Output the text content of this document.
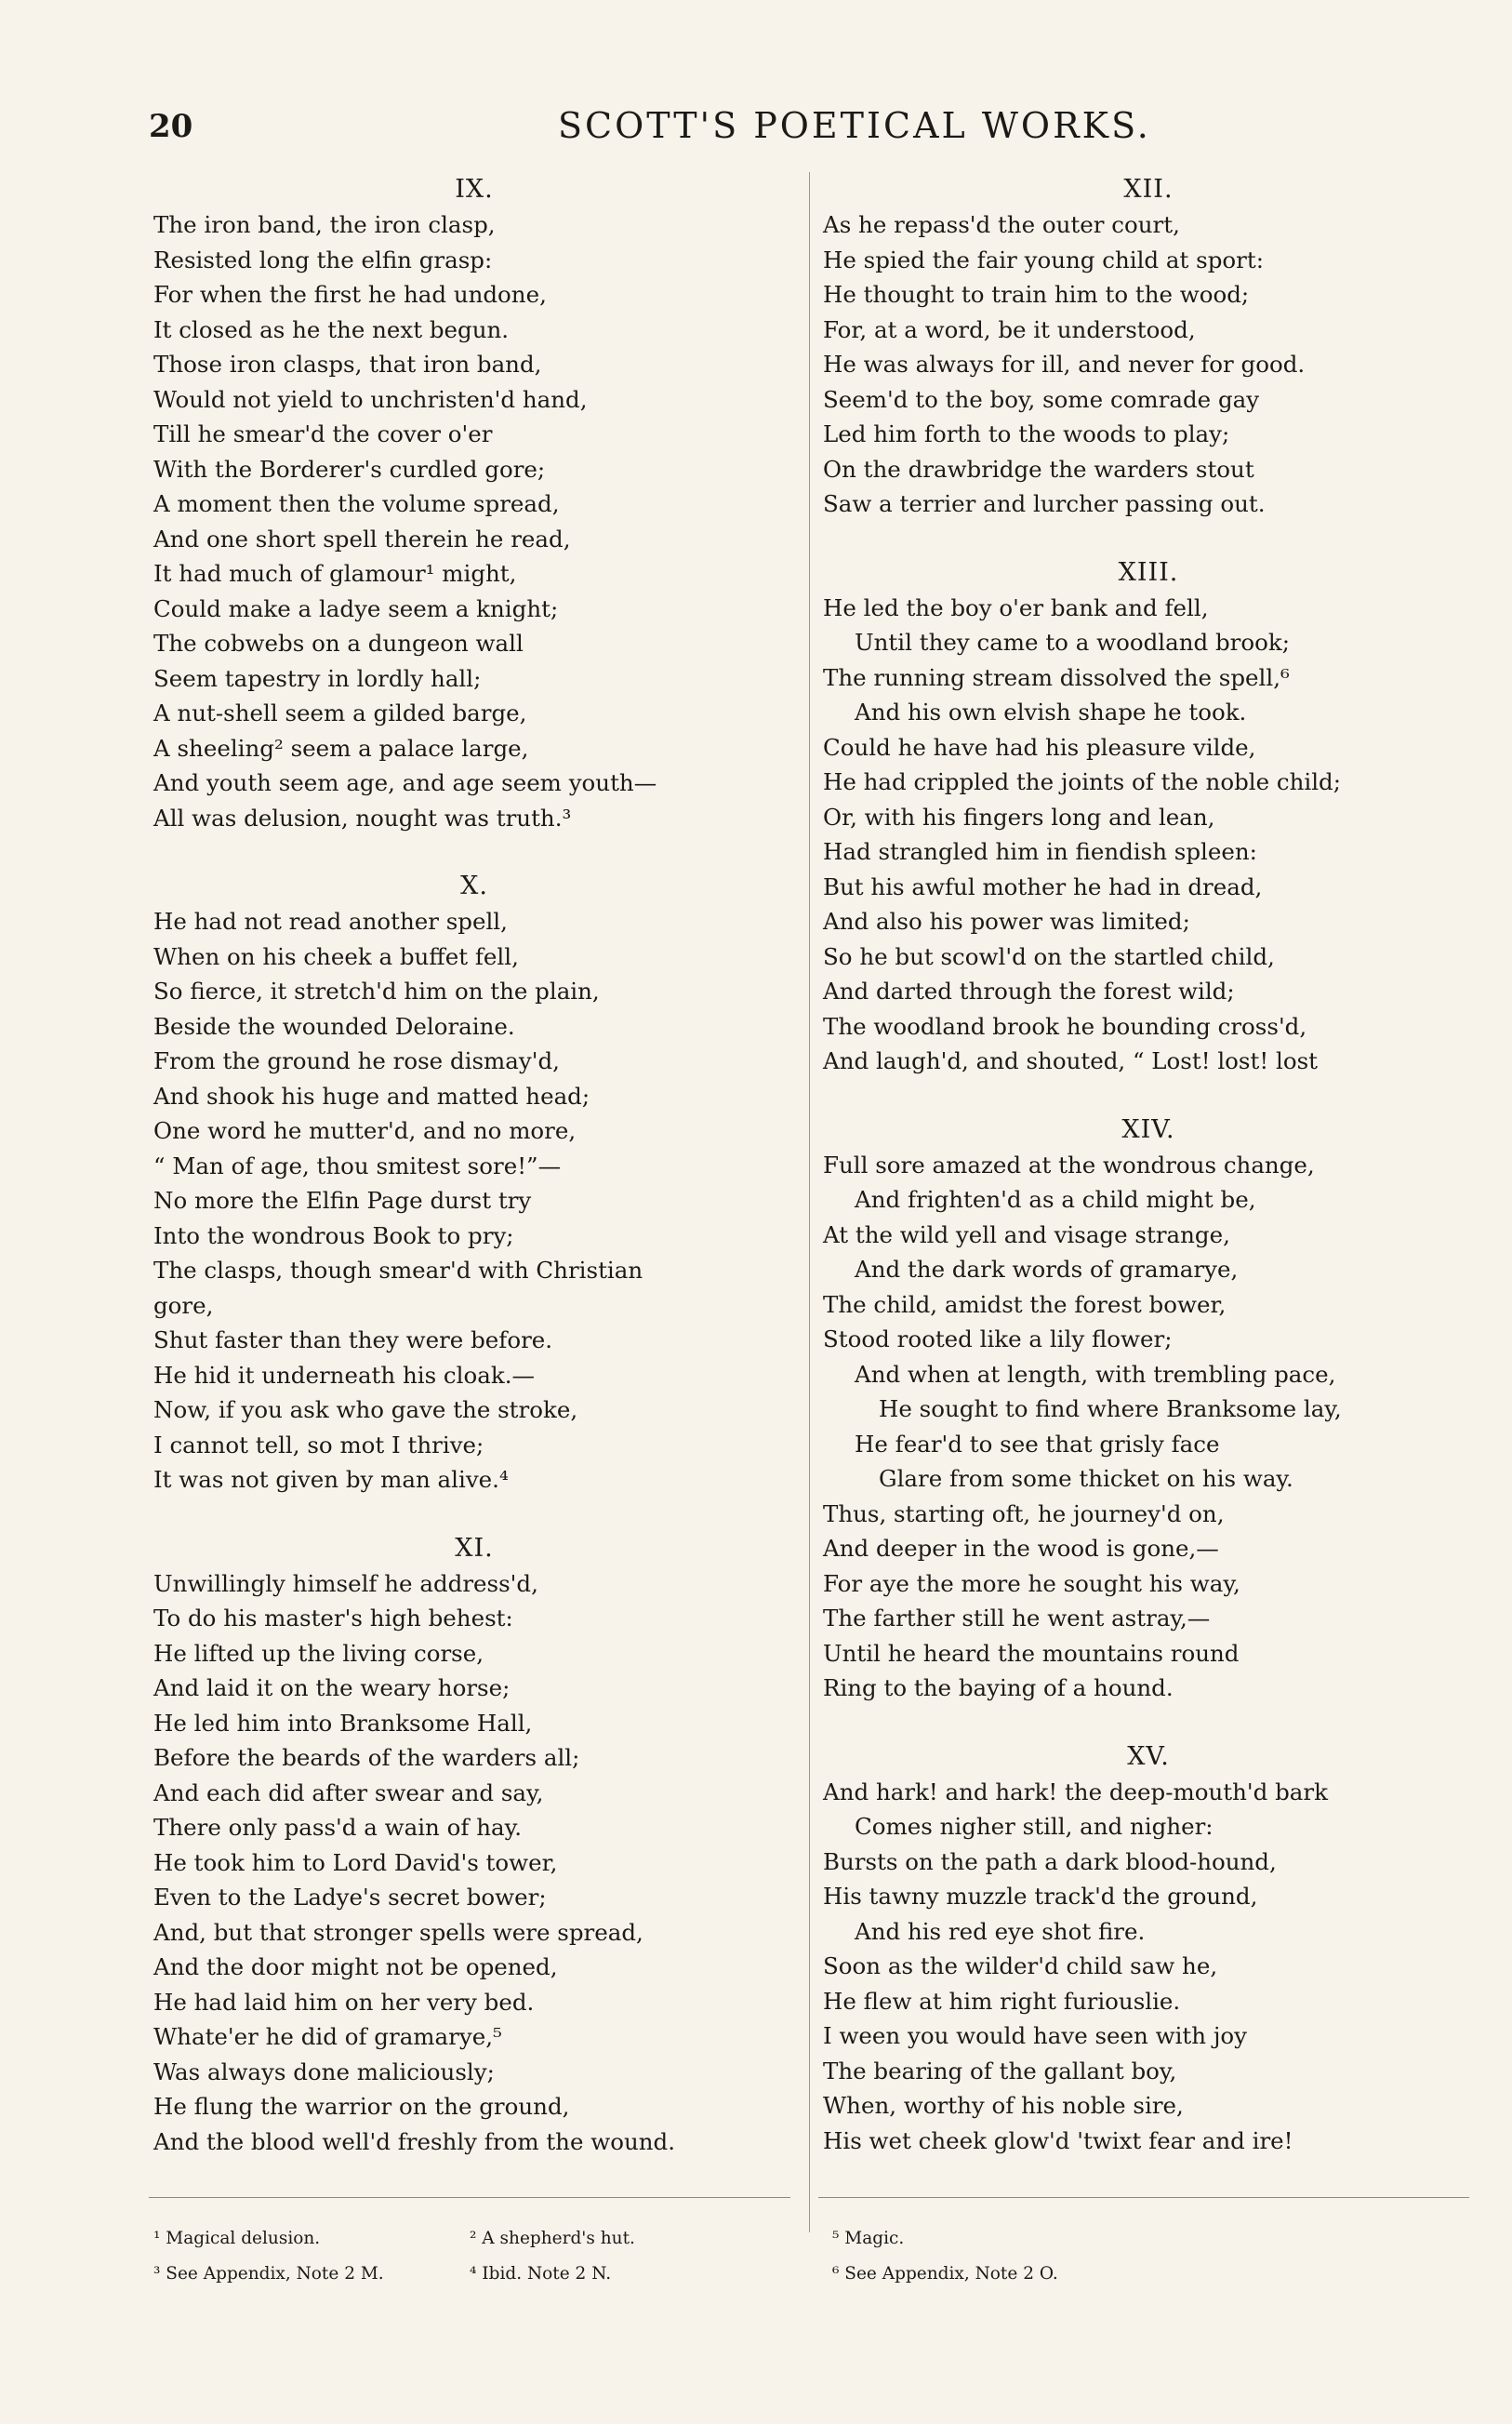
20	SCOTT'S POETICAL WORKS.
IX.
The iron band, the iron clasp,
Resisted long the elfin grasp:
For when the first he had undone,
It closed as he the next begun.
Those iron clasps, that iron band,
Would not yield to unchristen'd hand,
Till he smear'd the cover o'er
With the Borderer's curdled gore;
A moment then the volume spread,
And one short spell therein he read,
It had much of glamour¹ might,
Could make a ladye seem a knight;
The cobwebs on a dungeon wall
Seem tapestry in lordly hall;
A nut-shell seem a gilded barge,
A sheeling² seem a palace large,
And youth seem age, and age seem youth—
All was delusion, nought was truth.³
X.
He had not read another spell,
When on his cheek a buffet fell,
So fierce, it stretch'd him on the plain,
Beside the wounded Deloraine.
From the ground he rose dismay'd,
And shook his huge and matted head;
One word he mutter'd, and no more,
“ Man of age, thou smitest sore!”—
No more the Elfin Page durst try
Into the wondrous Book to pry;
The clasps, though smear'd with Christian
gore,
Shut faster than they were before.
He hid it underneath his cloak.—
Now, if you ask who gave the stroke,
I cannot tell, so mot I thrive;
It was not given by man alive.⁴
XI.
Unwillingly himself he address'd,
To do his master's high behest:
He lifted up the living corse,
And laid it on the weary horse;
He led him into Branksome Hall,
Before the beards of the warders all;
And each did after swear and say,
There only pass'd a wain of hay.
He took him to Lord David's tower,
Even to the Ladye's secret bower;
And, but that stronger spells were spread,
And the door might not be opened,
He had laid him on her very bed.
Whate'er he did of gramarye,⁵
Was always done maliciously;
He flung the warrior on the ground,
And the blood well'd freshly from the wound.
XII.
As he repass'd the outer court,
He spied the fair young child at sport:
He thought to train him to the wood;
For, at a word, be it understood,
He was always for ill, and never for good.
Seem'd to the boy, some comrade gay
Led him forth to the woods to play;
On the drawbridge the warders stout
Saw a terrier and lurcher passing out.
XIII.
He led the boy o'er bank and fell,
Until they came to a woodland brook;
The running stream dissolved the spell,⁶
And his own elvish shape he took.
Could he have had his pleasure vilde,
He had crippled the joints of the noble child;
Or, with his fingers long and lean,
Had strangled him in fiendish spleen:
But his awful mother he had in dread,
And also his power was limited;
So he but scowl'd on the startled child,
And darted through the forest wild;
The woodland brook he bounding cross'd,
And laugh'd, and shouted, “ Lost! lost! lost
XIV.
Full sore amazed at the wondrous change,
And frighten'd as a child might be,
At the wild yell and visage strange,
And the dark words of gramarye,
The child, amidst the forest bower,
Stood rooted like a lily flower;
And when at length, with trembling pace,
He sought to find where Branksome lay,
He fear'd to see that grisly face
Glare from some thicket on his way.
Thus, starting oft, he journey'd on,
And deeper in the wood is gone,—
For aye the more he sought his way,
The farther still he went astray,—
Until he heard the mountains round
Ring to the baying of a hound.
XV.
And hark! and hark! the deep-mouth'd bark
Comes nigher still, and nigher:
Bursts on the path a dark blood-hound,
His tawny muzzle track'd the ground,
And his red eye shot fire.
Soon as the wilder'd child saw he,
He flew at him right furiouslie.
I ween you would have seen with joy
The bearing of the gallant boy,
When, worthy of his noble sire,
His wet cheek glow'd 'twixt fear and ire!
¹ Magical delusion.	² A shepherd's hut.
³ See Appendix, Note 2 M.	⁴ Ibid. Note 2 N.
⁵ Magic.
⁶ See Appendix, Note 2 O.
